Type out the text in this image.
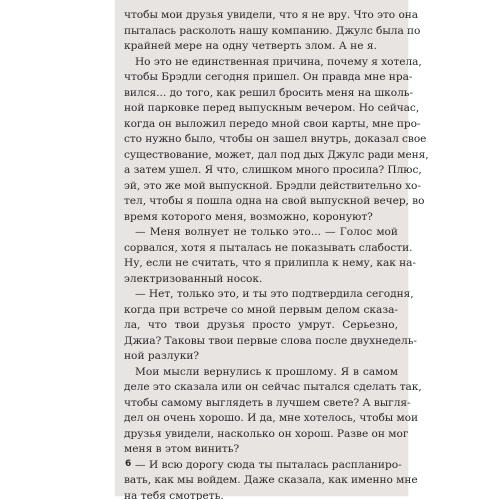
чтобы мои друзья увидели, что я не вру. Что это она
пыталась расколоть нашу компанию. Джулс была по
крайней мере на одну четверть злом. А не я.
Но это не единственная причина, почему я хотела,
чтобы Брэдли сегодня пришел. Он правда мне нра-
вился... до того, как решил бросить меня на школь-
ной парковке перед выпускным вечером. Но сейчас,
когда он выложил передо мной свои карты, мне про-
сто нужно было, чтобы он зашел внутрь, доказал свое
существование, может, дал под дых Джулс ради меня,
а затем ушел. Я что, слишком много просила? Плюс,
эй, это же мой выпускной. Брэдли действительно хо-
тел, чтобы я пошла одна на свой выпускной вечер, во
время которого меня, возможно, коронуют?
— Меня волнует не только это... — Голос мой
сорвался, хотя я пыталась не показывать слабости.
Ну, если не считать, что я прилипла к нему, как на-
электризованный носок.
— Нет, только это, и ты это подтвердила сегодня,
когда при встрече со мной первым делом сказа-
ла, что твои друзья просто умрут. Серьезно,
Джиа? Таковы твои первые слова после двухнедель-
ной разлуки?
Мои мысли вернулись к прошлому. Я в самом
деле это сказала или он сейчас пытался сделать так,
чтобы самому выглядеть в лучшем свете? А выгля-
дел он очень хорошо. И да, мне хотелось, чтобы мои
друзья увидели, насколько он хорош. Разве он мог
меня в этом винить?
— И всю дорогу сюда ты пыталась распланиро-
вать, как мы войдем. Даже сказала, как именно мне
на тебя смотреть.
6
